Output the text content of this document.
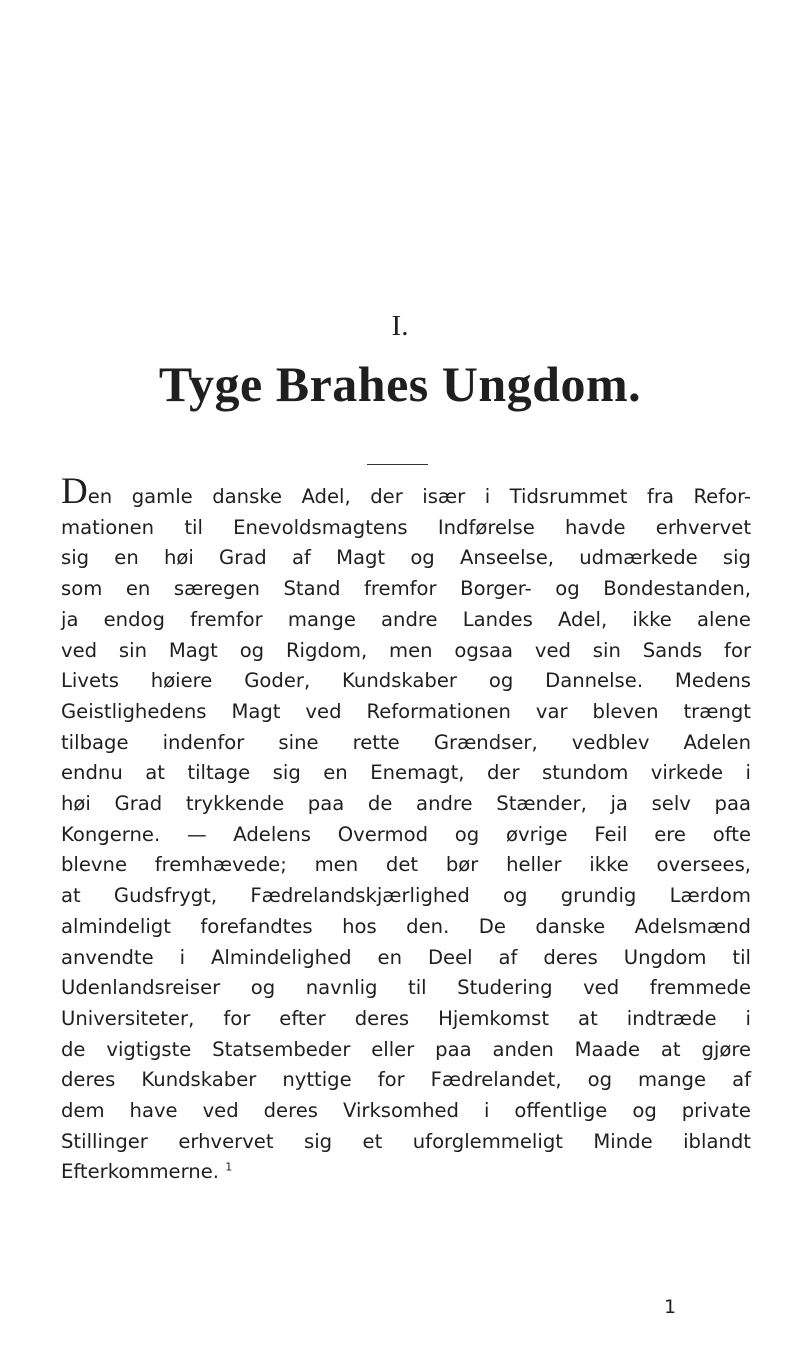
I.
Tyge Brahes Ungdom.

Den gamle danske Adel, der især i Tidsrummet fra Refor-
mationen til Enevoldsmagtens Indførelse havde erhvervet
sig en høi Grad af Magt og Anseelse, udmærkede sig
som en særegen Stand fremfor Borger- og Bondestanden,
ja endog fremfor mange andre Landes Adel, ikke alene
ved sin Magt og Rigdom, men ogsaa ved sin Sands for
Livets høiere Goder, Kundskaber og Dannelse. Medens
Geistlighedens Magt ved Reformationen var bleven trængt
tilbage indenfor sine rette Grændser, vedblev Adelen
endnu at tiltage sig en Enemagt, der stundom virkede i
høi Grad trykkende paa de andre Stænder, ja selv paa
Kongerne. — Adelens Overmod og øvrige Feil ere ofte
blevne fremhævede; men det bør heller ikke oversees,
at Gudsfrygt, Fædrelandskjærlighed og grundig Lærdom
almindeligt forefandtes hos den. De danske Adelsmænd
anvendte i Almindelighed en Deel af deres Ungdom til
Udenlandsreiser og navnlig til Studering ved fremmede
Universiteter, for efter deres Hjemkomst at indtræde i
de vigtigste Statsembeder eller paa anden Maade at gjøre
deres Kundskaber nyttige for Fædrelandet, og mange af
dem have ved deres Virksomhed i offentlige og private
Stillinger erhvervet sig et uforglemmeligt Minde iblandt
Efterkommerne. $^1$

1
